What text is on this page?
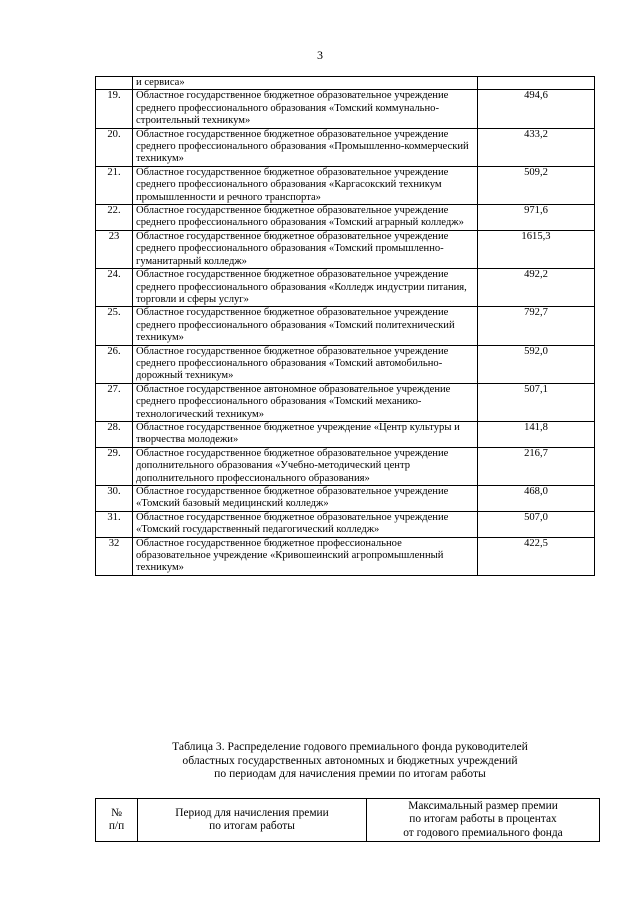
3
	и сервиса»	
19.	Областное государственное бюджетное образовательное учреждение среднего профессионального образования «Томский коммунально-строительный техникум»	494,6
20.	Областное государственное бюджетное образовательное учреждение среднего профессионального образования «Промышленно-коммерческий техникум»	433,2
21.	Областное государственное бюджетное образовательное учреждение среднего профессионального образования «Каргасокский техникум промышленности и речного транспорта»	509,2
22.	Областное государственное бюджетное образовательное учреждение среднего профессионального образования «Томский аграрный колледж»	971,6
23	Областное государственное бюджетное образовательное учреждение среднего профессионального образования «Томский промышленно-гуманитарный колледж»	1615,3
24.	Областное государственное бюджетное образовательное учреждение среднего профессионального образования «Колледж индустрии питания, торговли и сферы услуг»	492,2
25.	Областное государственное бюджетное образовательное учреждение среднего профессионального образования «Томский политехнический техникум»	792,7
26.	Областное государственное бюджетное образовательное учреждение среднего профессионального образования «Томский автомобильно-дорожный техникум»	592,0
27.	Областное государственное автономное образовательное учреждение среднего профессионального образования «Томский механико-технологический техникум»	507,1
28.	Областное государственное бюджетное учреждение «Центр культуры и творчества молодежи»	141,8
29.	Областное государственное бюджетное образовательное учреждение дополнительного образования «Учебно-методический центр дополнительного профессионального образования»	216,7
30.	Областное государственное бюджетное образовательное учреждение «Томский базовый медицинский колледж»	468,0
31.	Областное государственное бюджетное образовательное учреждение «Томский государственный педагогический колледж»	507,0
32	Областное государственное бюджетное профессиональное образовательное учреждение «Кривошеинский агропромышленный техникум»	422,5
Таблица 3. Распределение годового премиального фонда руководителей
областных государственных автономных и бюджетных учреждений
по периодам для начисления премии по итогам работы
№
п/п

Период для начисления премии
по итогам работы

Максимальный размер премии
по итогам работы в процентах
от годового премиального фонда
